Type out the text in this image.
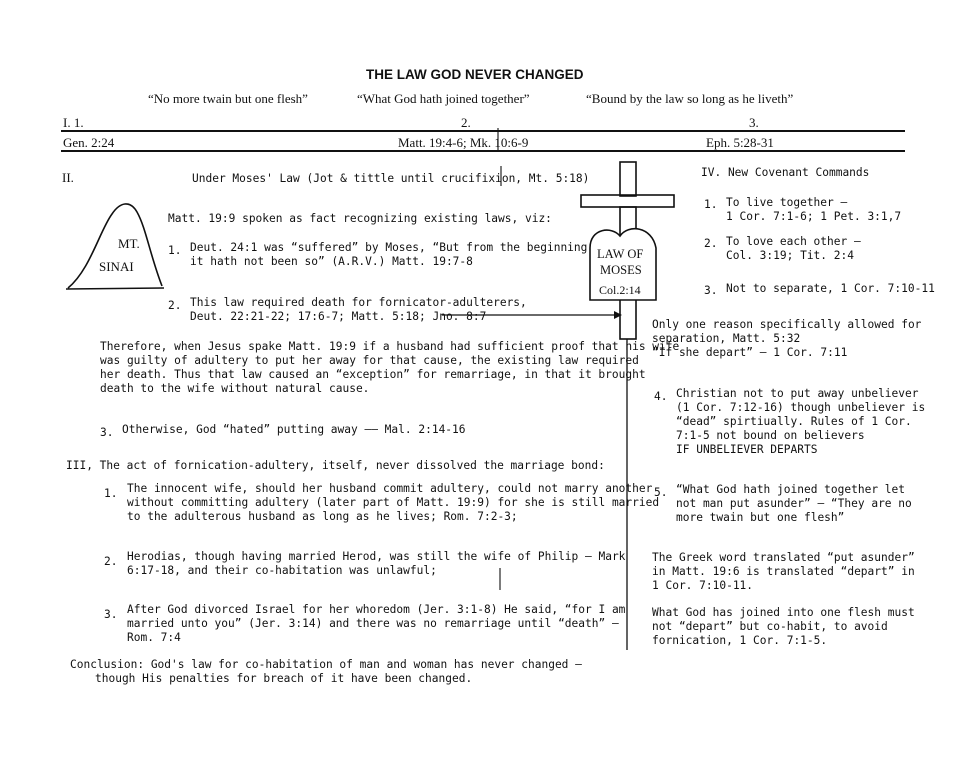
THE LAW GOD NEVER CHANGED
“No more twain but one flesh”	“What God hath joined together”	“Bound by the law so long as he liveth”
I. 1.	2.	3.
Gen. 2:24	Matt. 19:4-6; Mk. 10:6-9	Eph. 5:28-31
MT.
SINAI
LAW OF
MOSES
Col.2:14
II.	Under Moses' Law (Jot & tittle until crucifixion, Mt. 5:18)
Matt. 19:9 spoken as fact recognizing existing laws, viz:
1. Deut. 24:1 was “suffered” by Moses, “But from the beginning
it hath not been so” (A.R.V.) Matt. 19:7-8
2. This law required death for fornicator-adulterers,
Deut. 22:21-22; 17:6-7; Matt. 5:18; Jno. 8:7
Therefore, when Jesus spake Matt. 19:9 if a husband had sufficient proof that his wife
was guilty of adultery to put her away for that cause, the existing law required
her death. Thus that law caused an “exception” for remarriage, in that it brought
death to the wife without natural cause.
3. Otherwise, God “hated” putting away —— Mal. 2:14-16
III, The act of fornication-adultery, itself, never dissolved the marriage bond:
1. The innocent wife, should her husband commit adultery, could not marry another
without committing adultery (later part of Matt. 19:9) for she is still married
to the adulterous husband as long as he lives; Rom. 7:2-3;
2. Herodias, though having married Herod, was still the wife of Philip — Mark
6:17-18, and their co-habitation was unlawful;
3. After God divorced Israel for her whoredom (Jer. 3:1-8) He said, “for I am
married unto you” (Jer. 3:14) and there was no remarriage until “death” —
Rom. 7:4
Conclusion: God's law for co-habitation of man and woman has never changed —
though His penalties for breach of it have been changed.
IV. New Covenant Commands
1. To live together —
1 Cor. 7:1-6; 1 Pet. 3:1,7
2. To love each other —
Col. 3:19; Tit. 2:4
3. Not to separate, 1 Cor. 7:10-11
Only one reason specifically allowed for
separation, Matt. 5:32
“If she depart” — 1 Cor. 7:11
4. Christian not to put away unbeliever
(1 Cor. 7:12-16) though unbeliever is
“dead” spirtiually. Rules of 1 Cor.
7:1-5 not bound on believers
IF UNBELIEVER DEPARTS
5. “What God hath joined together let
not man put asunder” — “They are no
more twain but one flesh”
The Greek word translated “put asunder”
in Matt. 19:6 is translated “depart” in
1 Cor. 7:10-11.
What God has joined into one flesh must
not “depart” but co-habit, to avoid
fornication, 1 Cor. 7:1-5.
